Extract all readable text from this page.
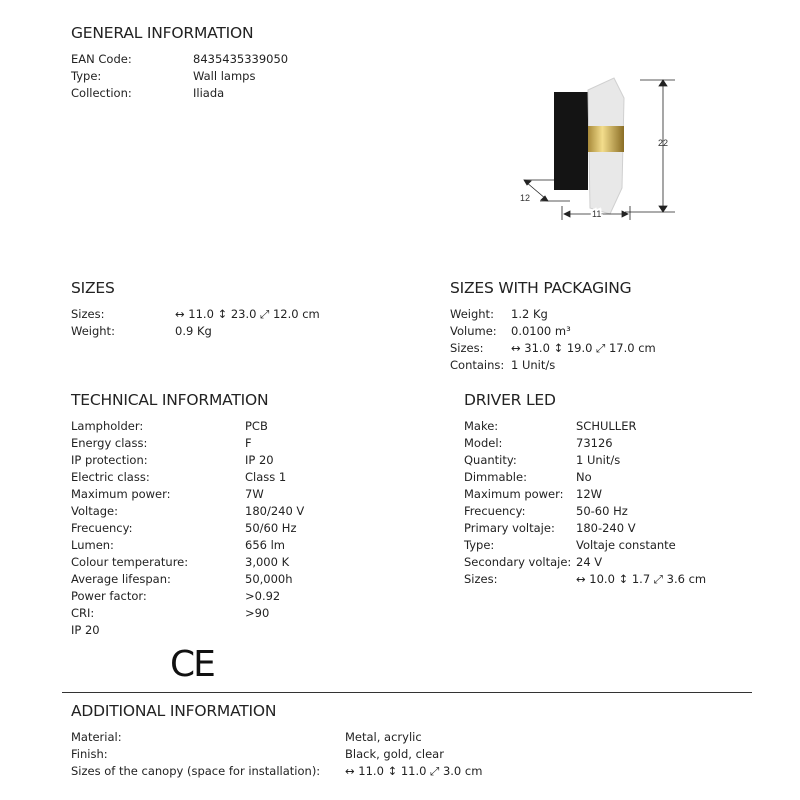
GENERAL INFORMATION
EAN Code:	8435435339050
Type:	Wall lamps
Collection:	Iliada
SIZES
Sizes:	↔ 11.0 ↕ 23.0 ⤢ 12.0 cm
Weight:	0.9 Kg
SIZES WITH PACKAGING
Weight:	1.2 Kg
Volume:	0.0100 m³
Sizes:	↔ 31.0 ↕ 19.0 ⤢ 17.0 cm
Contains: 1 Unit/s
TECHNICAL INFORMATION
Lampholder:	PCB
Energy class:	F
IP protection:	IP 20
Electric class:	Class 1
Maximum power:	7W
Voltage:	180/240 V
Frecuency:	50/60 Hz
Lumen:	656 lm
Colour temperature:	3,000 K
Average lifespan:	50,000h
Power factor:	>0.92
CRI:	>90
IP 20
DRIVER LED
Make:	SCHULLER
Model:	73126
Quantity:	1 Unit/s
Dimmable:	No
Maximum power:	12W
Frecuency:	50-60 Hz
Primary voltaje:	180-240 V
Type:	Voltaje constante
Secondary voltaje: 24 V
Sizes:	↔ 10.0 ↕ 1.7 ⤢ 3.6 cm
ADDITIONAL INFORMATION
Material:	Metal, acrylic
Finish:	Black, gold, clear
Sizes of the canopy (space for installation):	↔ 11.0 ↕ 11.0 ⤢ 3.0 cm
CE
22
11
12
